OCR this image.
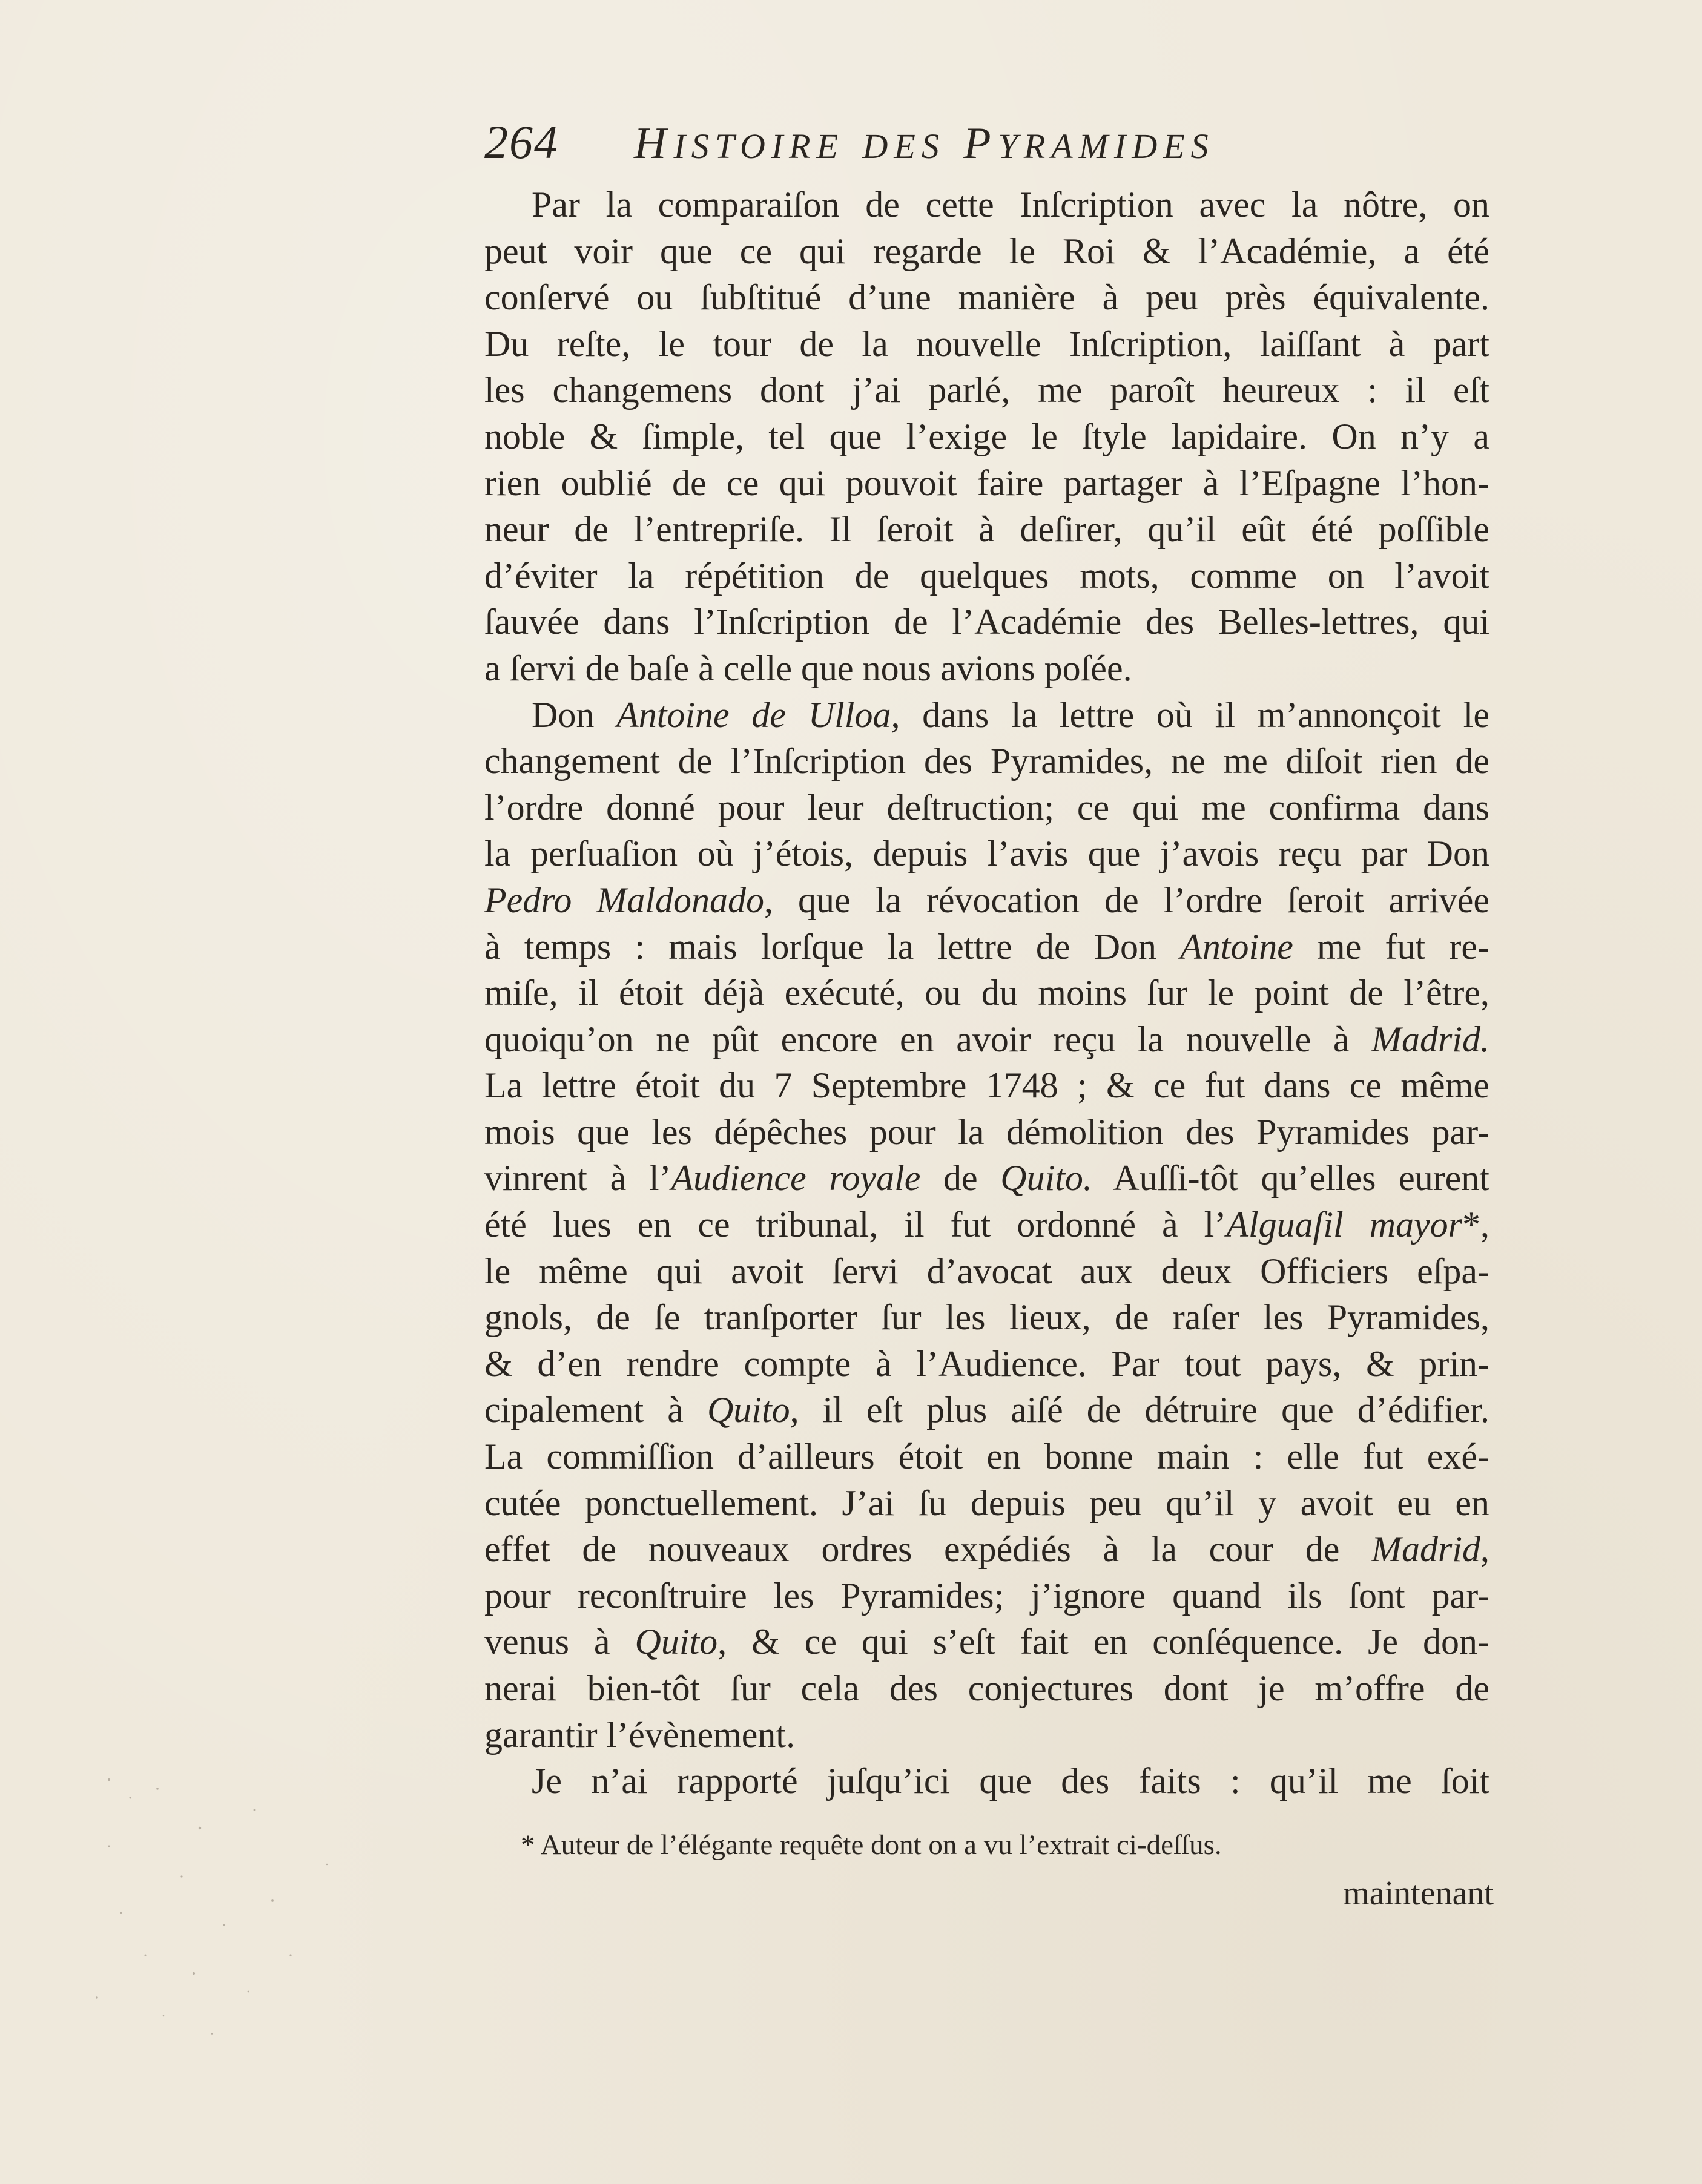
264 HISTOIRE DES PYRAMIDES
Par la comparaiſon de cette Inſcription avec la nôtre, on
peut voir que ce qui regarde le Roi & l’Académie, a été
conſervé ou ſubſtitué d’une manière à peu près équivalente.
Du reſte, le tour de la nouvelle Inſcription, laiſſant à part
les changemens dont j’ai parlé, me paroît heureux : il eſt
noble & ſimple, tel que l’exige le ſtyle lapidaire. On n’y a
rien oublié de ce qui pouvoit faire partager à l’Eſpagne l’hon-
neur de l’entrepriſe. Il ſeroit à deſirer, qu’il eût été poſſible
d’éviter la répétition de quelques mots, comme on l’avoit
ſauvée dans l’Inſcription de l’Académie des Belles-lettres, qui
a ſervi de baſe à celle que nous avions poſée.
Don Antoine de Ulloa, dans la lettre où il m’annonçoit le
changement de l’Inſcription des Pyramides, ne me diſoit rien de
l’ordre donné pour leur deſtruction; ce qui me confirma dans
la perſuaſion où j’étois, depuis l’avis que j’avois reçu par Don
Pedro Maldonado, que la révocation de l’ordre ſeroit arrivée
à temps : mais lorſque la lettre de Don Antoine me fut re-
miſe, il étoit déjà exécuté, ou du moins ſur le point de l’être,
quoiqu’on ne pût encore en avoir reçu la nouvelle à Madrid.
La lettre étoit du 7 Septembre 1748 ; & ce fut dans ce même
mois que les dépêches pour la démolition des Pyramides par-
vinrent à l’Audience royale de Quito. Auſſi-tôt qu’elles eurent
été lues en ce tribunal, il fut ordonné à l’Alguaſil mayor*,
le même qui avoit ſervi d’avocat aux deux Officiers eſpa-
gnols, de ſe tranſporter ſur les lieux, de raſer les Pyramides,
& d’en rendre compte à l’Audience. Par tout pays, & prin-
cipalement à Quito, il eſt plus aiſé de détruire que d’édifier.
La commiſſion d’ailleurs étoit en bonne main : elle fut exé-
cutée ponctuellement. J’ai ſu depuis peu qu’il y avoit eu en
effet de nouveaux ordres expédiés à la cour de Madrid,
pour reconſtruire les Pyramides; j’ignore quand ils ſont par-
venus à Quito, & ce qui s’eſt fait en conſéquence. Je don-
nerai bien-tôt ſur cela des conjectures dont je m’offre de
garantir l’évènement.
Je n’ai rapporté juſqu’ici que des faits : qu’il me ſoit
* Auteur de l’élégante requête dont on a vu l’extrait ci-deſſus.
maintenant
